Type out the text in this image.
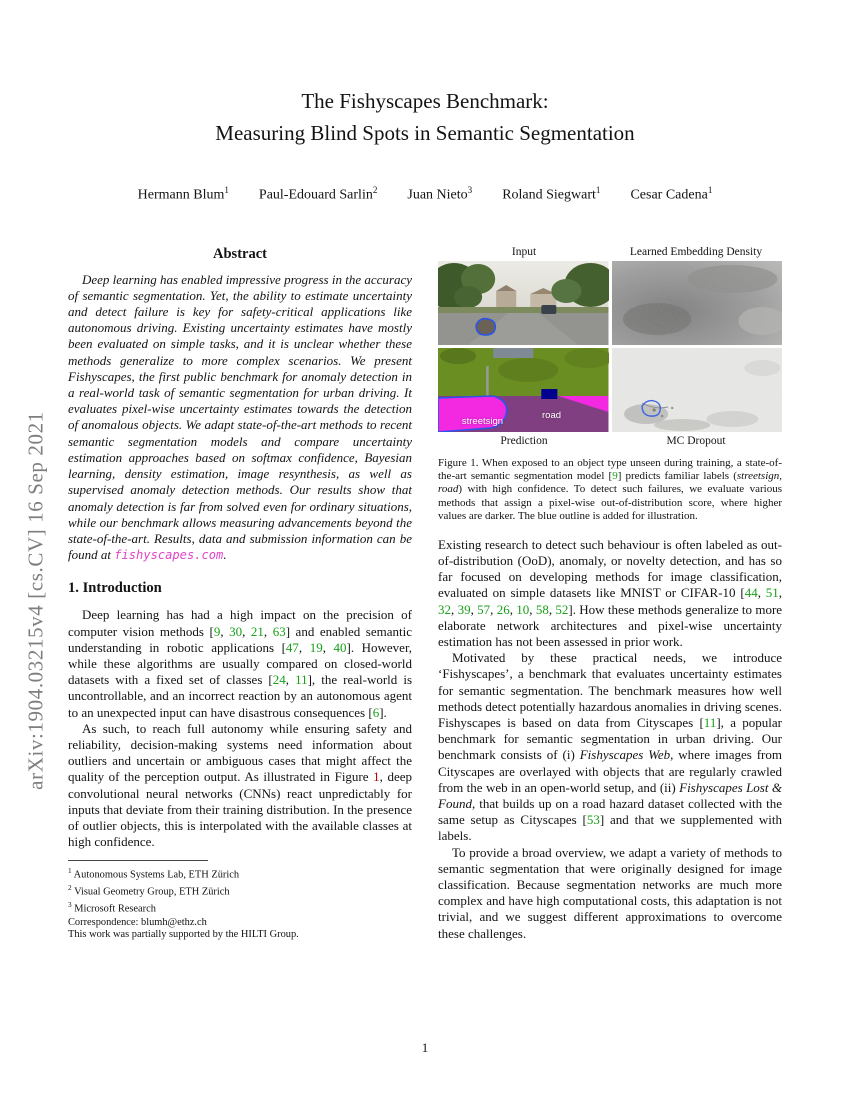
arXiv:1904.03215v4 [cs.CV] 16 Sep 2021
The Fishyscapes Benchmark:
Measuring Blind Spots in Semantic Segmentation
Hermann Blum$^1$ Paul-Edouard Sarlin$^2$ Juan Nieto$^3$ Roland Siegwart$^1$ Cesar Cadena$^1$
Abstract

Deep learning has enabled impressive progress in the accuracy of semantic segmentation. Yet, the ability to estimate uncertainty and detect failure is key for safety-critical applications like autonomous driving. Existing uncertainty estimates have mostly been evaluated on simple tasks, and it is unclear whether these methods generalize to more complex scenarios. We present Fishyscapes, the first public benchmark for anomaly detection in a real-world task of semantic segmentation for urban driving. It evaluates pixel-wise uncertainty estimates towards the detection of anomalous objects. We adapt state-of-the-art methods to recent semantic segmentation models and compare uncertainty estimation approaches based on softmax confidence, Bayesian learning, density estimation, image resynthesis, as well as supervised anomaly detection methods. Our results show that anomaly detection is far from solved even for ordinary situations, while our benchmark allows measuring advancements beyond the state-of-the-art. Results, data and submission information can be found at fishyscapes.com.

1. Introduction

Deep learning has had a high impact on the precision of computer vision methods [9, 30, 21, 63] and enabled semantic understanding in robotic applications [47, 19, 40]. However, while these algorithms are usually compared on closed-world datasets with a fixed set of classes [24, 11], the real-world is uncontrollable, and an incorrect reaction by an autonomous agent to an unexpected input can have disastrous consequences [6].

As such, to reach full autonomy while ensuring safety and reliability, decision-making systems need information about outliers and uncertain or ambiguous cases that might affect the quality of the perception output. As illustrated in Figure 1, deep convolutional neural networks (CNNs) react unpredictably for inputs that deviate from their training distribution. In the presence of outlier objects, this is interpolated with the available classes at high confidence.

$^1$ Autonomous Systems Lab, ETH Zürich
$^2$ Visual Geometry Group, ETH Zürich
$^3$ Microsoft Research
Correspondence: blumh@ethz.ch
This work was partially supported by the HILTI Group.
Input	Learned Embedding Density
streetsign
road
Prediction	MC Dropout
Figure 1. When exposed to an object type unseen during training, a state-of-the-art semantic segmentation model [9] predicts familiar labels (streetsign, road) with high confidence. To detect such failures, we evaluate various methods that assign a pixel-wise out-of-distribution score, where higher values are darker. The blue outline is added for illustration.

Existing research to detect such behaviour is often labeled as out-of-distribution (OoD), anomaly, or novelty detection, and has so far focused on developing methods for image classification, evaluated on simple datasets like MNIST or CIFAR-10 [44, 51, 32, 39, 57, 26, 10, 58, 52]. How these methods generalize to more elaborate network architectures and pixel-wise uncertainty estimation has not been assessed in prior work.

Motivated by these practical needs, we introduce ‘Fishyscapes’, a benchmark that evaluates uncertainty estimates for semantic segmentation. The benchmark measures how well methods detect potentially hazardous anomalies in driving scenes. Fishyscapes is based on data from Cityscapes [11], a popular benchmark for semantic segmentation in urban driving. Our benchmark consists of (i) Fishyscapes Web, where images from Cityscapes are overlayed with objects that are regularly crawled from the web in an open-world setup, and (ii) Fishyscapes Lost & Found, that builds up on a road hazard dataset collected with the same setup as Cityscapes [53] and that we supplemented with labels.

To provide a broad overview, we adapt a variety of methods to semantic segmentation that were originally designed for image classification. Because segmentation networks are much more complex and have high computational costs, this adaptation is not trivial, and we suggest different approximations to overcome these challenges.

1
